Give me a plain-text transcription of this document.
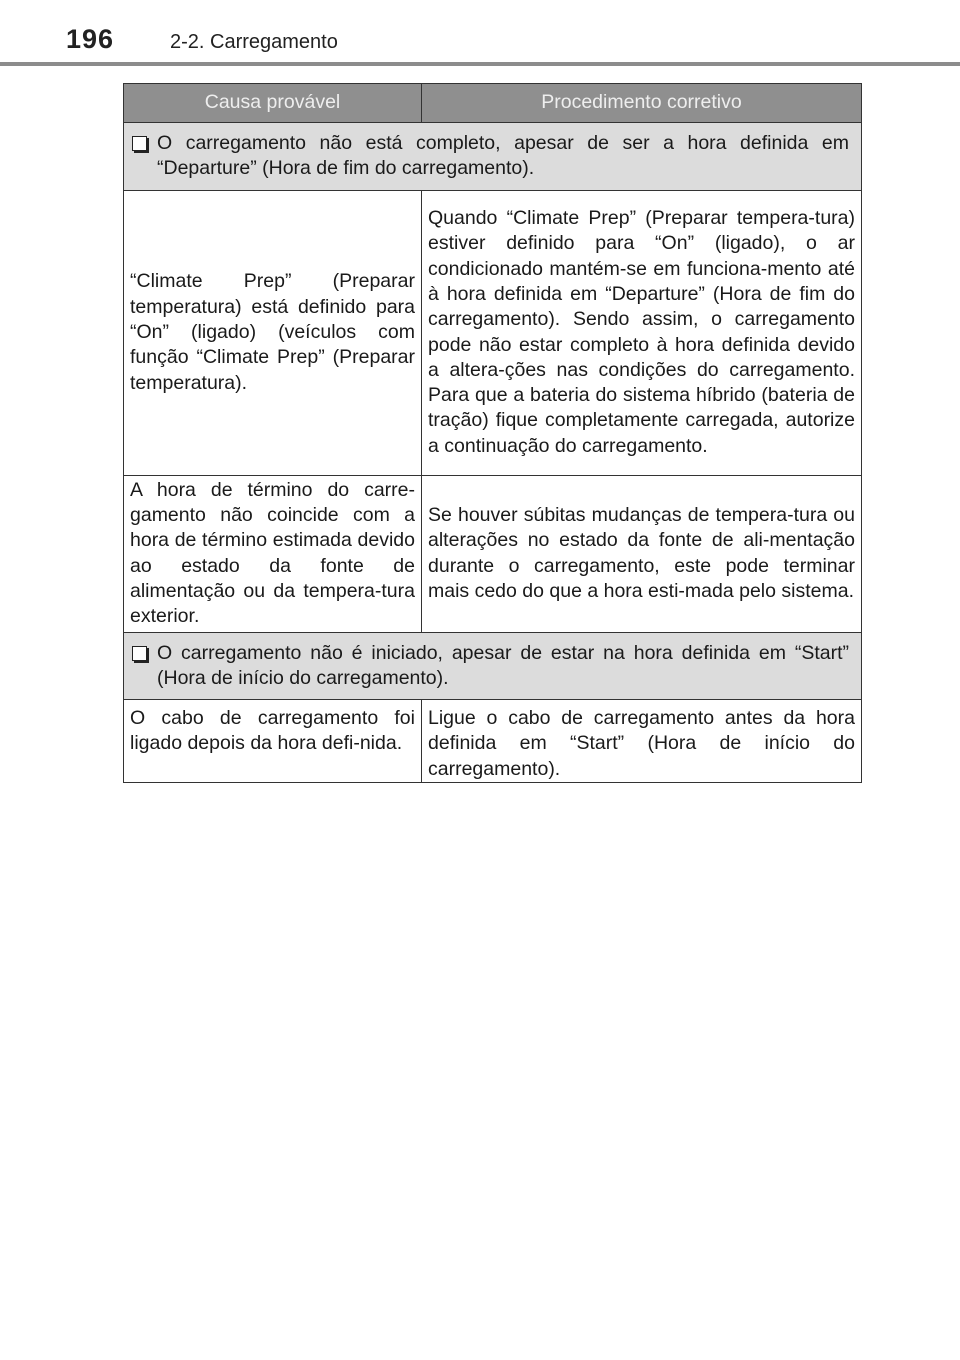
196	2-2. Carregamento
Causa provável	Procedimento corretivo

O carregamento não está completo, apesar de ser a hora definida em “Departure” (Hora de fim do carregamento).	

“Climate Prep” (Preparar temperatura) está definido para “On” (ligado) (veículos com função “Climate Prep” (Preparar temperatura).	Quando “Climate Prep” (Preparar tempera-tura) estiver definido para “On” (ligado), o ar condicionado mantém-se em funciona-mento até à hora definida em “Departure” (Hora de fim do carregamento). Sendo assim, o carregamento pode não estar completo à hora definida devido a altera-ções nas condições do carregamento. Para que a bateria do sistema híbrido (bateria de tração) fique completamente carregada, autorize a continuação do carregamento.
A hora de término do carre-gamento não coincide com a hora de término estimada devido ao estado da fonte de alimentação ou da tempera-tura exterior.	Se houver súbitas mudanças de tempera-tura ou alterações no estado da fonte de ali-mentação durante o carregamento, este pode terminar mais cedo do que a hora esti-mada pelo sistema.

O carregamento não é iniciado, apesar de estar na hora definida em “Start” (Hora de início do carregamento).	

O cabo de carregamento foi ligado depois da hora defi-nida.	Ligue o cabo de carregamento antes da hora definida em “Start” (Hora de início do carregamento).
